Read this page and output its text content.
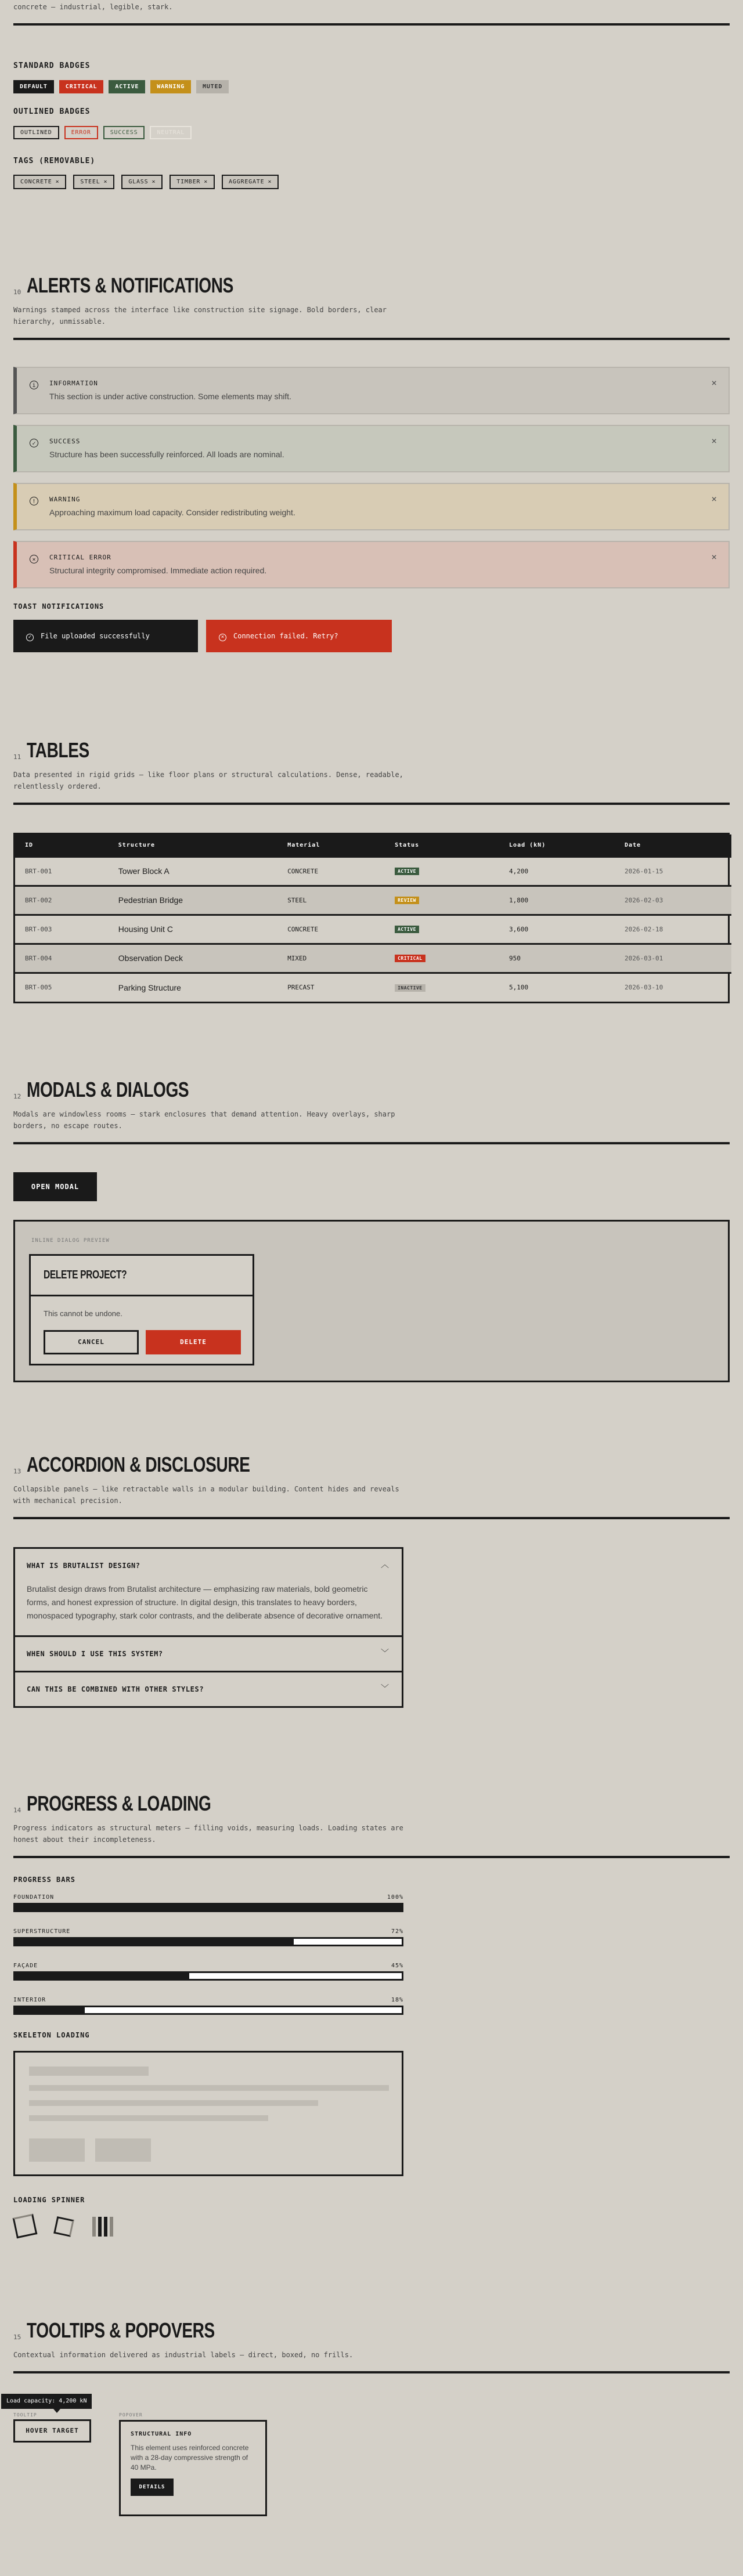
concrete — industrial, legible, stark.
STANDARD BADGES
DEFAULT	CRITICAL	ACTIVE	WARNING	MUTED
OUTLINED BADGES
OUTLINED	ERROR	SUCCESS	NEUTRAL
TAGS (REMOVABLE)
CONCRETE ×	STEEL ×	GLASS ×	TIMBER ×	AGGREGATE ×
10 ALERTS & NOTIFICATIONS
Warnings stamped across the interface like construction site signage. Bold borders, clear hierarchy, unmissable.
i	INFORMATION
This section is under active construction. Some elements may shift.
×
✓	SUCCESS
Structure has been successfully reinforced. All loads are nominal.
×
!	WARNING
Approaching maximum load capacity. Consider redistributing weight.
×
×	CRITICAL ERROR
Structural integrity compromised. Immediate action required.
×
TOAST NOTIFICATIONS
✓ File uploaded successfully	× Connection failed. Retry?
11 TABLES
Data presented in rigid grids — like floor plans or structural calculations. Dense, readable, relentlessly ordered.
ID	Structure	Material	Status	Load (kN)	Date
BRT-001	Tower Block A	CONCRETE	ACTIVE	4,200	2026-01-15
BRT-002	Pedestrian Bridge	STEEL	REVIEW	1,800	2026-02-03
BRT-003	Housing Unit C	CONCRETE	ACTIVE	3,600	2026-02-18
BRT-004	Observation Deck	MIXED	CRITICAL	950	2026-03-01
BRT-005	Parking Structure	PRECAST	INACTIVE	5,100	2026-03-10
12 MODALS & DIALOGS
Modals are windowless rooms — stark enclosures that demand attention. Heavy overlays, sharp borders, no escape routes.
OPEN MODAL
INLINE DIALOG PREVIEW
DELETE PROJECT?
This cannot be undone.
CANCEL	DELETE
13 ACCORDION & DISCLOSURE
Collapsible panels — like retractable walls in a modular building. Content hides and reveals with mechanical precision.
WHAT IS BRUTALIST DESIGN?	︿
Brutalist design draws from Brutalist architecture — emphasizing raw materials, bold geometric forms, and honest expression of structure. In digital design, this translates to heavy borders, monospaced typography, stark color contrasts, and the deliberate absence of decorative ornament.
WHEN SHOULD I USE THIS SYSTEM?	﹀
CAN THIS BE COMBINED WITH OTHER STYLES?	﹀
14 PROGRESS & LOADING
Progress indicators as structural meters — filling voids, measuring loads. Loading states are honest about their incompleteness.
PROGRESS BARS
FOUNDATION	100%
SUPERSTRUCTURE	72%
FAÇADE	45%
INTERIOR	18%
SKELETON LOADING
LOADING SPINNER
15 TOOLTIPS & POPOVERS
Contextual information delivered as industrial labels — direct, boxed, no frills.
TOOLTIP
Load capacity: 4,200 kN
HOVER TARGET
POPOVER
STRUCTURAL INFO
This element uses reinforced concrete with a 28-day compressive strength of 40 MPa.
DETAILS
